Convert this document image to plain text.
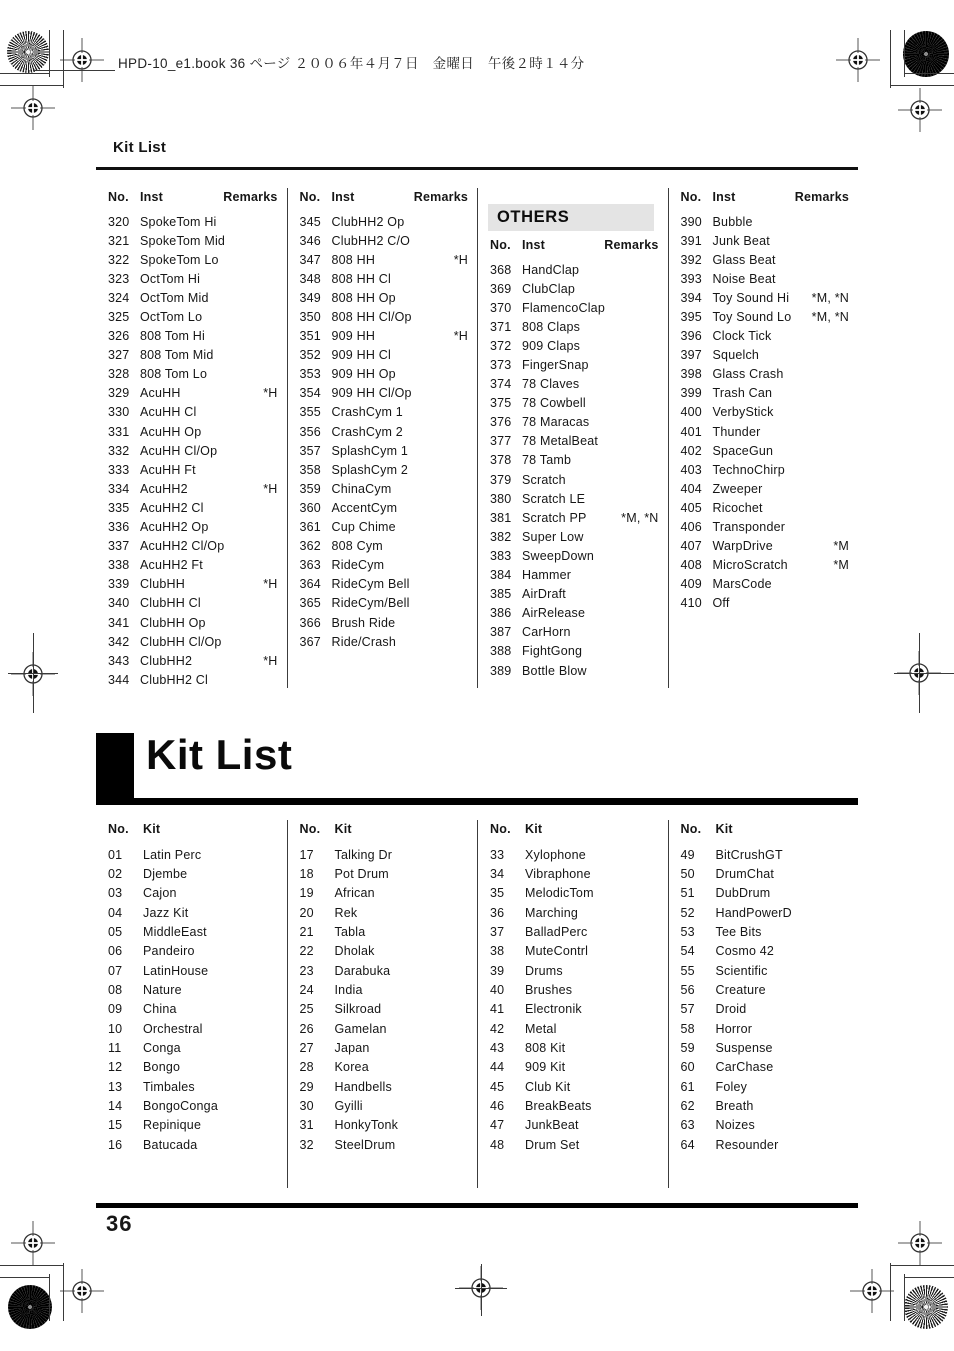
HPD-10_e1.book 36 ページ ２００６年４月７日　金曜日　午後２時１４分
Kit List
No. Inst	Remarks
320 SpokeTom Hi
321 SpokeTom Mid
322 SpokeTom Lo
323 OctTom Hi
324 OctTom Mid
325 OctTom Lo
326 808 Tom Hi
327 808 Tom Mid
328 808 Tom Lo
329 AcuHH	*H
330 AcuHH Cl
331 AcuHH Op
332 AcuHH Cl/Op
333 AcuHH Ft
334 AcuHH2	*H
335 AcuHH2 Cl
336 AcuHH2 Op
337 AcuHH2 Cl/Op
338 AcuHH2 Ft
339 ClubHH	*H
340 ClubHH Cl
341 ClubHH Op
342 ClubHH Cl/Op
343 ClubHH2	*H
344 ClubHH2 Cl
No. Inst	Remarks
345 ClubHH2 Op
346 ClubHH2 C/O
347 808 HH	*H
348 808 HH Cl
349 808 HH Op
350 808 HH Cl/Op
351 909 HH	*H
352 909 HH Cl
353 909 HH Op
354 909 HH Cl/Op
355 CrashCym 1
356 CrashCym 2
357 SplashCym 1
358 SplashCym 2
359 ChinaCym
360 AccentCym
361 Cup Chime
362 808 Cym
363 RideCym
364 RideCym Bell
365 RideCym/Bell
366 Brush Ride
367 Ride/Crash
OTHERS
No. Inst	Remarks
368 HandClap
369 ClubClap
370 FlamencoClap
371 808 Claps
372 909 Claps
373 FingerSnap
374 78 Claves
375 78 Cowbell
376 78 Maracas
377 78 MetalBeat
378 78 Tamb
379 Scratch
380 Scratch LE
381 Scratch PP	*M, *N
382 Super Low
383 SweepDown
384 Hammer
385 AirDraft
386 AirRelease
387 CarHorn
388 FightGong
389 Bottle Blow
No. Inst	Remarks
390 Bubble
391 Junk Beat
392 Glass Beat
393 Noise Beat
394 Toy Sound Hi *M, *N
395 Toy Sound Lo *M, *N
396 Clock Tick
397 Squelch
398 Glass Crash
399 Trash Can
400 VerbyStick
401 Thunder
402 SpaceGun
403 TechnoChirp
404 Zweeper
405 Ricochet
406 Transponder
407 WarpDrive	*M
408 MicroScratch	*M
409 MarsCode
410 Off
Kit List
No.	Kit
01	Latin Perc
02	Djembe
03	Cajon
04	Jazz Kit
05	MiddleEast
06	Pandeiro
07	LatinHouse
08	Nature
09	China
10	Orchestral
11	Conga
12	Bongo
13	Timbales
14	BongoConga
15	Repinique
16	Batucada
No.	Kit
17	Talking Dr
18	Pot Drum
19	African
20	Rek
21	Tabla
22	Dholak
23	Darabuka
24	India
25	Silkroad
26	Gamelan
27	Japan
28	Korea
29	Handbells
30	Gyilli
31	HonkyTonk
32	SteelDrum
No.	Kit
33	Xylophone
34	Vibraphone
35	MelodicTom
36	Marching
37	BalladPerc
38	MuteContrl
39	Drums
40	Brushes
41	Electronik
42	Metal
43	808 Kit
44	909 Kit
45	Club Kit
46	BreakBeats
47	JunkBeat
48	Drum Set
No.	Kit
49	BitCrushGT
50	DrumChat
51	DubDrum
52	HandPowerD
53	Tee Bits
54	Cosmo 42
55	Scientific
56	Creature
57	Droid
58	Horror
59	Suspense
60	CarChase
61	Foley
62	Breath
63	Noizes
64	Resounder
36
